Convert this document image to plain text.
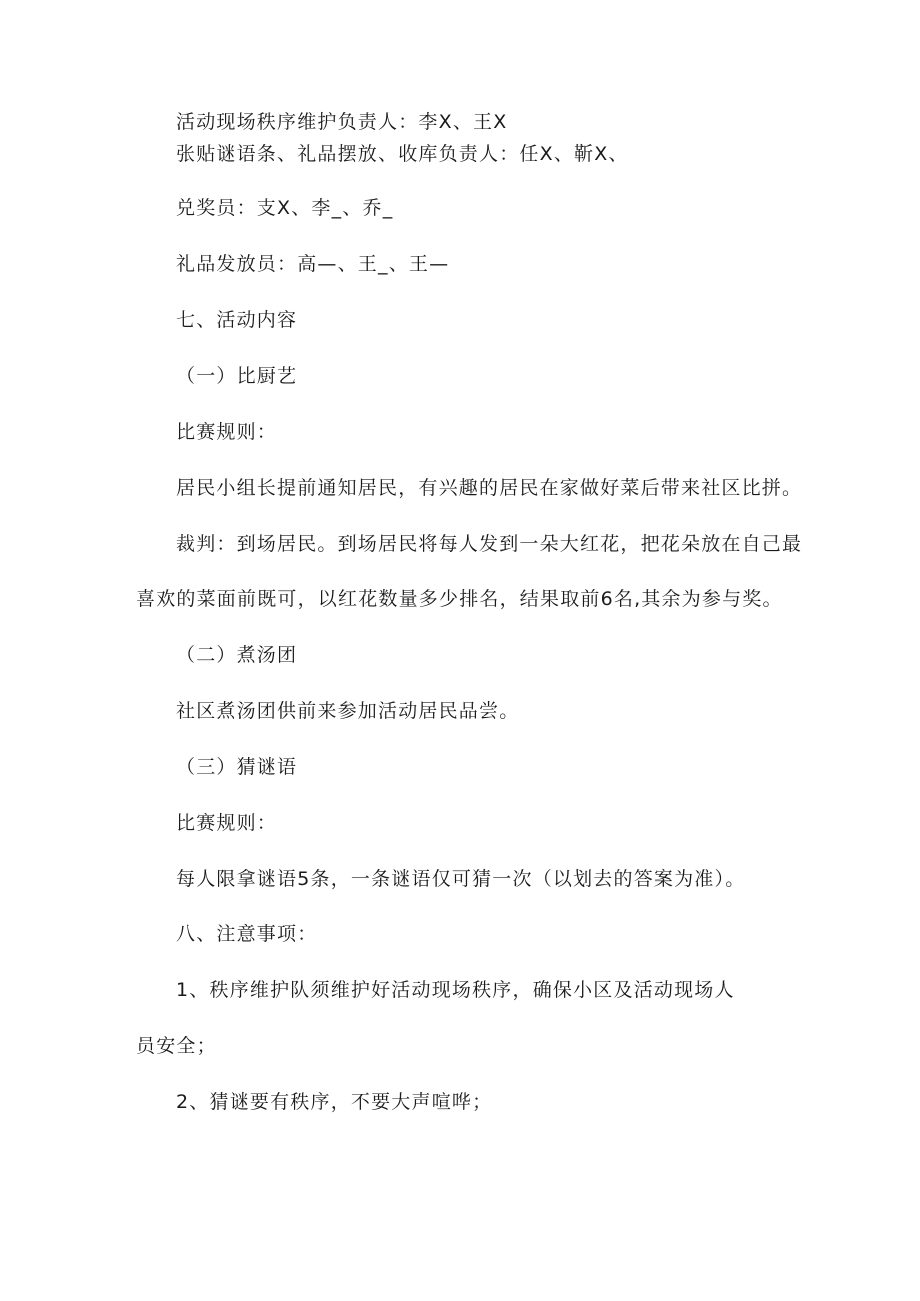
活动现场秩序维护负责人：李X、王X
张贴谜语条、礼品摆放、收库负责人：任X、靳X、
兑奖员：支X、李_、乔_
礼品发放员：高—、王_、王—
七、活动内容
（一）比厨艺
比赛规则：
居民小组长提前通知居民，有兴趣的居民在家做好菜后带来社区比拼。
裁判：到场居民。到场居民将每人发到一朵大红花，把花朵放在自己最
喜欢的菜面前既可，以红花数量多少排名，结果取前6名,其余为参与奖。
（二）煮汤团
社区煮汤团供前来参加活动居民品尝。
（三）猜谜语
比赛规则：
每人限拿谜语5条，一条谜语仅可猜一次（以划去的答案为准）。
八、注意事项：
1、秩序维护队须维护好活动现场秩序，确保小区及活动现场人
员安全；
2、猜谜要有秩序，不要大声喧哗；
